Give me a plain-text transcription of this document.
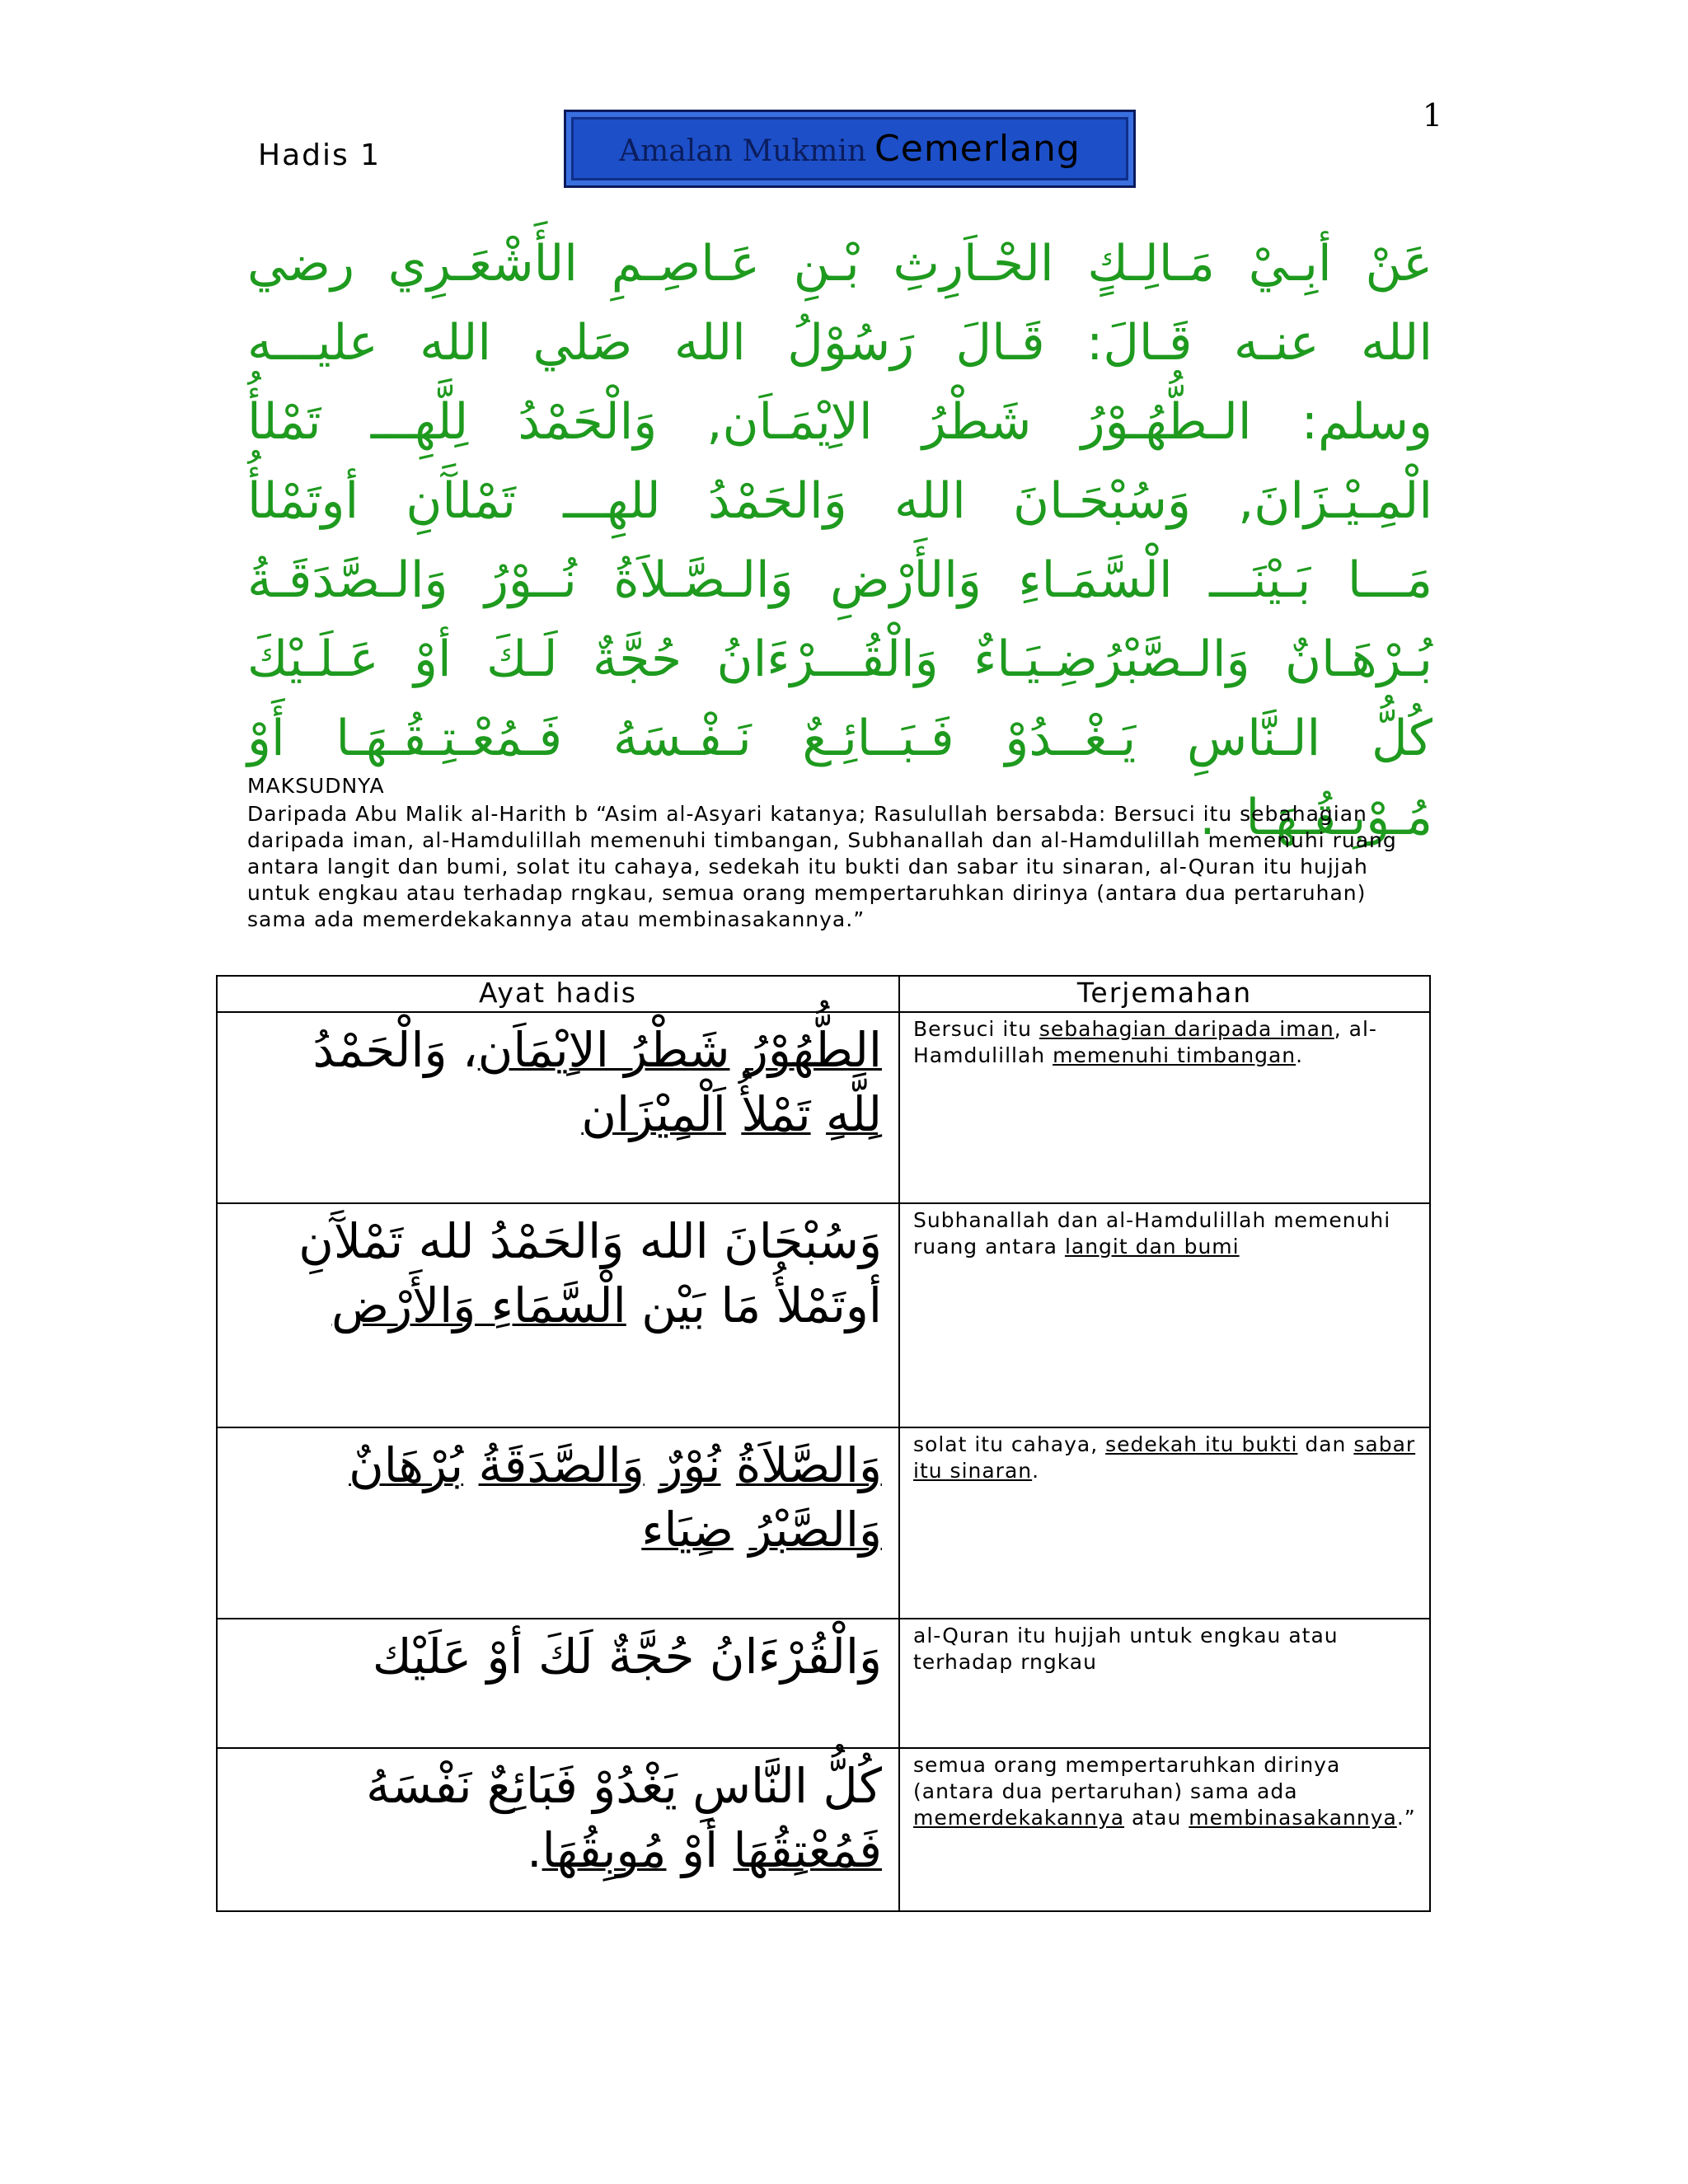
1
Hadis 1	Amalan Mukmin Cemerlang
عَنْ أبِـيْ مَـالِـكٍ الحْـاَرِثِ بْـنِ عَـاصِـمِ الأَشْعَـرِي رضي الله عنـه قَـالَ: قَـالَ رَسُوْلُ الله صَلي الله عليـــه وسلم: الـطُّهُـوْرُ شَطْرُ الاِيْمَـاَن, وَالْحَمْدُ لِلَّهِـــ تَمْلأُ الْمِـيْـزَانَ, وَسُبْحَـانَ الله وَالحَمْدُ للهِـــ تَمْلآَنِ أوتَمْلأُ مَـــا بَـيْنَـــ الْسَّمَـاءِ وَالأَرْضِ وَالـصَّـلاَةُ نُــوْرُ وَالـصَّدَقَـةُ بُـرْهَـانٌ وَالـصَّبْرُضِـيَـاءٌ وَالْقُـــرْءَانُ حُجَّةٌ لَـكَ أوْ عَـلَـيْكَ كُلُّ الـنَّاسِ يَـغْــدُوْ فَـبَــائِـعٌ نَـفْـسَهُ فَـمُعْـتِـقُـهَـا أَوْ مُـوْبِـقُـهَـا .
MAKSUDNYA
Daripada Abu Malik al-Harith b “Asim al-Asyari katanya; Rasulullah bersabda: Bersuci itu sebahagian daripada iman, al-Hamdulillah memenuhi timbangan, Subhanallah dan al-Hamdulillah memenuhi ruang antara langit dan bumi, solat itu cahaya, sedekah itu bukti dan sabar itu sinaran, al-Quran itu hujjah untuk engkau atau terhadap rngkau, semua orang mempertaruhkan dirinya (antara dua pertaruhan) sama ada memerdekakannya atau membinasakannya.”
Ayat hadis	Terjemahan
الطُّهُوْرُ شَطْرُ الاِيْمَاَن، وَالْحَمْدُ لِلَّهِ تَمْلأُ اَلْمِيْزَان	Bersuci itu sebahagian daripada iman, al-Hamdulillah memenuhi timbangan.
وَسُبْحَانَ الله وَالحَمْدُ لله تَمْلآَنِ أوتَمْلأُ مَا بَيْن الْسَّمَاءِ وَالأَرْض	Subhanallah dan al-Hamdulillah memenuhi ruang antara langit dan bumi
وَالصَّلاَةُ نُوْرٌ وَالصَّدَقَةُ بُرْهَانٌ وَالصَّبْرُ ضِيَاء	solat itu cahaya, sedekah itu bukti dan sabar itu sinaran.
وَالْقُرْءَانُ حُجَّةٌ لَكَ أوْ عَلَيْك	al-Quran itu hujjah untuk engkau atau terhadap rngkau
كُلُّ النَّاسِ يَغْدُوْ فَبَائِعٌ نَفْسَهُ فَمُعْتِقُهَا أوْ مُوبِقُهَا.	semua orang mempertaruhkan dirinya (antara dua pertaruhan) sama ada memerdekakannya atau membinasakannya.”
